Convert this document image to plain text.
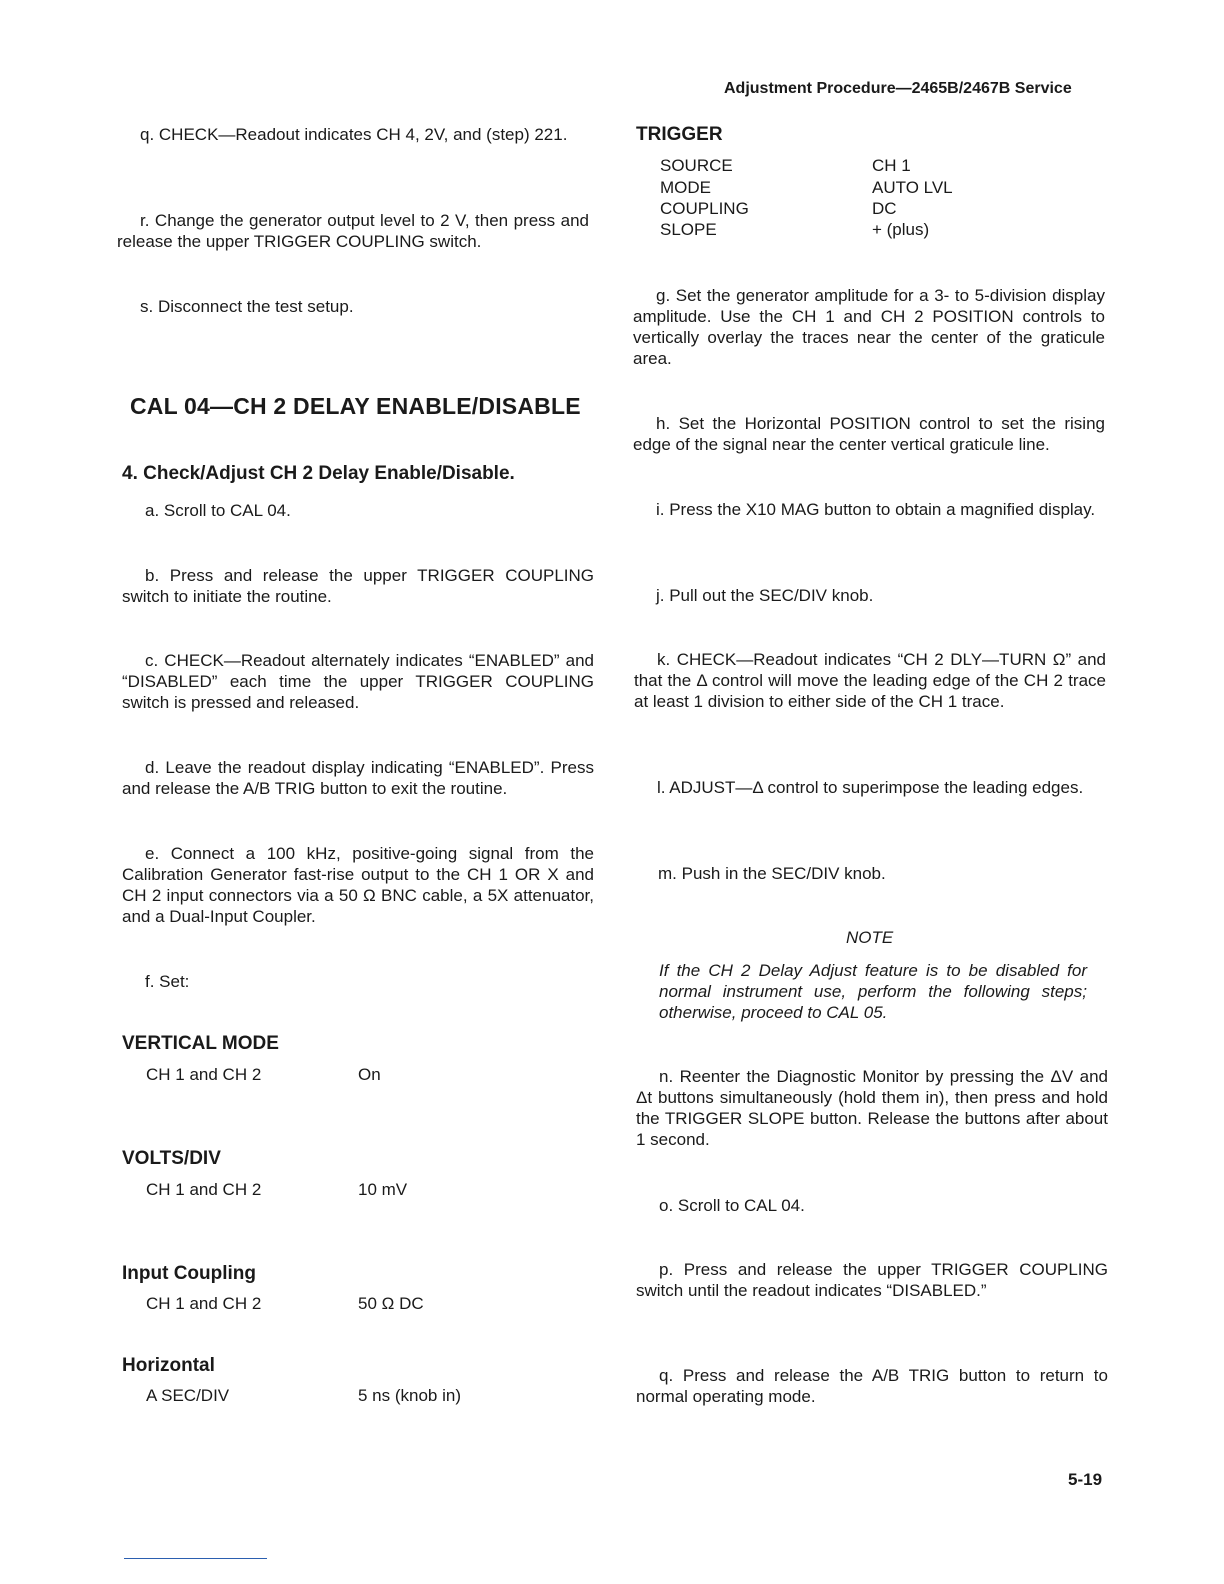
Adjustment Procedure—2465B/2467B Service
q. CHECK—Readout indicates CH 4, 2V, and (step) 221.
r. Change the generator output level to 2 V, then press and release the upper TRIGGER COUPLING switch.
s. Disconnect the test setup.
CAL 04—CH 2 DELAY ENABLE/DISABLE
4. Check/Adjust CH 2 Delay Enable/Disable.
a. Scroll to CAL 04.
b. Press and release the upper TRIGGER COUPLING switch to initiate the routine.
c. CHECK—Readout alternately indicates “ENABLED” and “DISABLED” each time the upper TRIGGER COUPLING switch is pressed and released.
d. Leave the readout display indicating “ENABLED”. Press and release the A/B TRIG button to exit the routine.
e. Connect a 100 kHz, positive-going signal from the Calibration Generator fast-rise output to the CH 1 OR X and CH 2 input connectors via a 50 Ω BNC cable, a 5X attenuator, and a Dual-Input Coupler.
f. Set:
VERTICAL MODE
CH 1 and CH 2	On
VOLTS/DIV
CH 1 and CH 2	10 mV
Input Coupling
CH 1 and CH 2	50 Ω DC
Horizontal
A SEC/DIV	5 ns (knob in)
TRIGGER
SOURCE	CH 1
MODE	AUTO LVL
COUPLING	DC
SLOPE	+ (plus)
g. Set the generator amplitude for a 3- to 5-division display amplitude. Use the CH 1 and CH 2 POSITION controls to vertically overlay the traces near the center of the graticule area.
h. Set the Horizontal POSITION control to set the rising edge of the signal near the center vertical graticule line.
i. Press the X10 MAG button to obtain a magnified display.
j. Pull out the SEC/DIV knob.
k. CHECK—Readout indicates “CH 2 DLY—TURN Ω” and that the Δ control will move the leading edge of the CH 2 trace at least 1 division to either side of the CH 1 trace.
l. ADJUST—Δ control to superimpose the leading edges.
m. Push in the SEC/DIV knob.
NOTE
If the CH 2 Delay Adjust feature is to be disabled for normal instrument use, perform the following steps; otherwise, proceed to CAL 05.
n. Reenter the Diagnostic Monitor by pressing the ΔV and Δt buttons simultaneously (hold them in), then press and hold the TRIGGER SLOPE button. Release the buttons after about 1 second.
o. Scroll to CAL 04.
p. Press and release the upper TRIGGER COUPLING switch until the readout indicates “DISABLED.”
q. Press and release the A/B TRIG button to return to normal operating mode.
5-19
